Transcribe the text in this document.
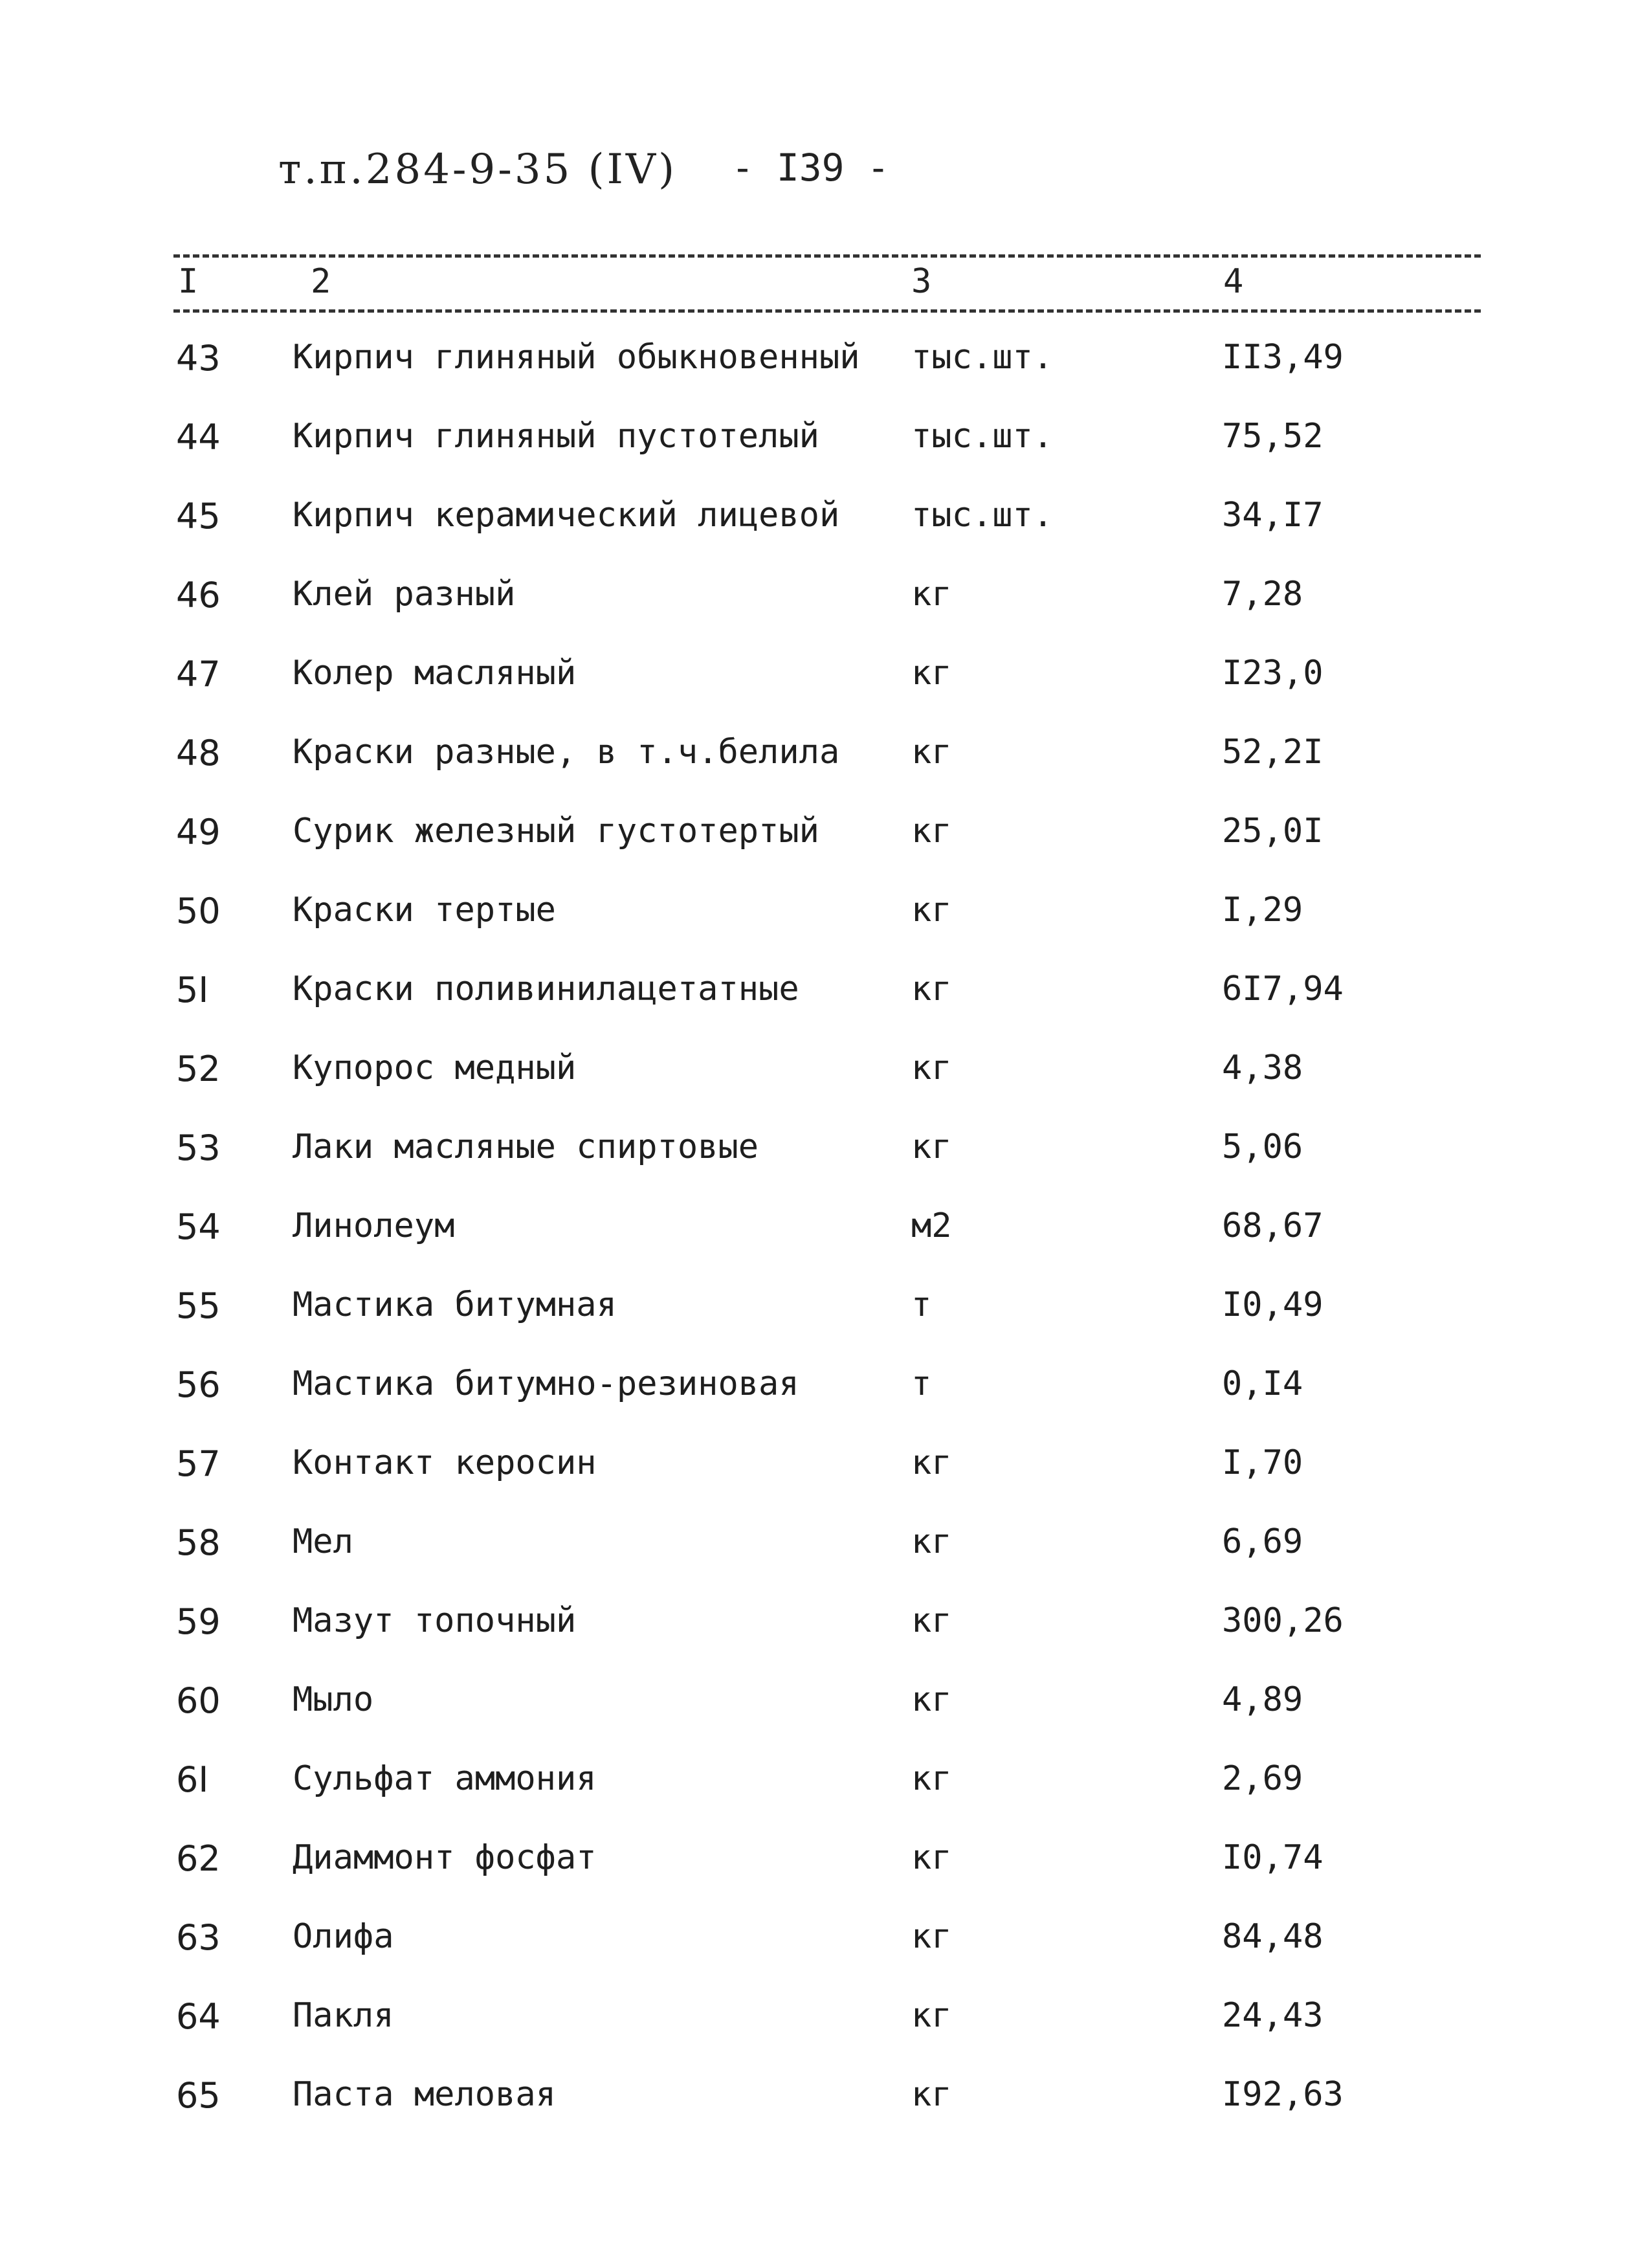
т.п.284-9-35 (IV) - I39 -
I	2	3	4
43 Кирпич глиняный обыкновенный тыс.шт.	II3,49
44 Кирпич глиняный пустотелый	тыс.шт.	75,52
45 Кирпич керамический лицевой тыс.шт.	34,I7
46 Клей разный	кг	7,28
47 Колер масляный	кг	I23,0
48 Краски разные, в т.ч.белила кг	52,2I
49 Сурик железный густотертый	кг	25,0I
50 Краски тертые	кг	I,29
5I Краски поливинилацетатные	кг	6I7,94
52 Купорос медный	кг	4,38
53 Лаки масляные спиртовые	кг	5,06
54 Линолеум	м2	68,67
55 Мастика битумная	т	I0,49
56 Мастика битумно-резиновая	т	0,I4
57 Контакт керосин	кг	I,70
58 Мел	кг	6,69
59 Мазут топочный	кг	300,26
60 Мыло	кг	4,89
6I Сульфат аммония	кг	2,69
62 Диаммонт фосфат	кг	I0,74
63 Олифа	кг	84,48
64 Пакля	кг	24,43
65 Паста меловая	кг	I92,63
